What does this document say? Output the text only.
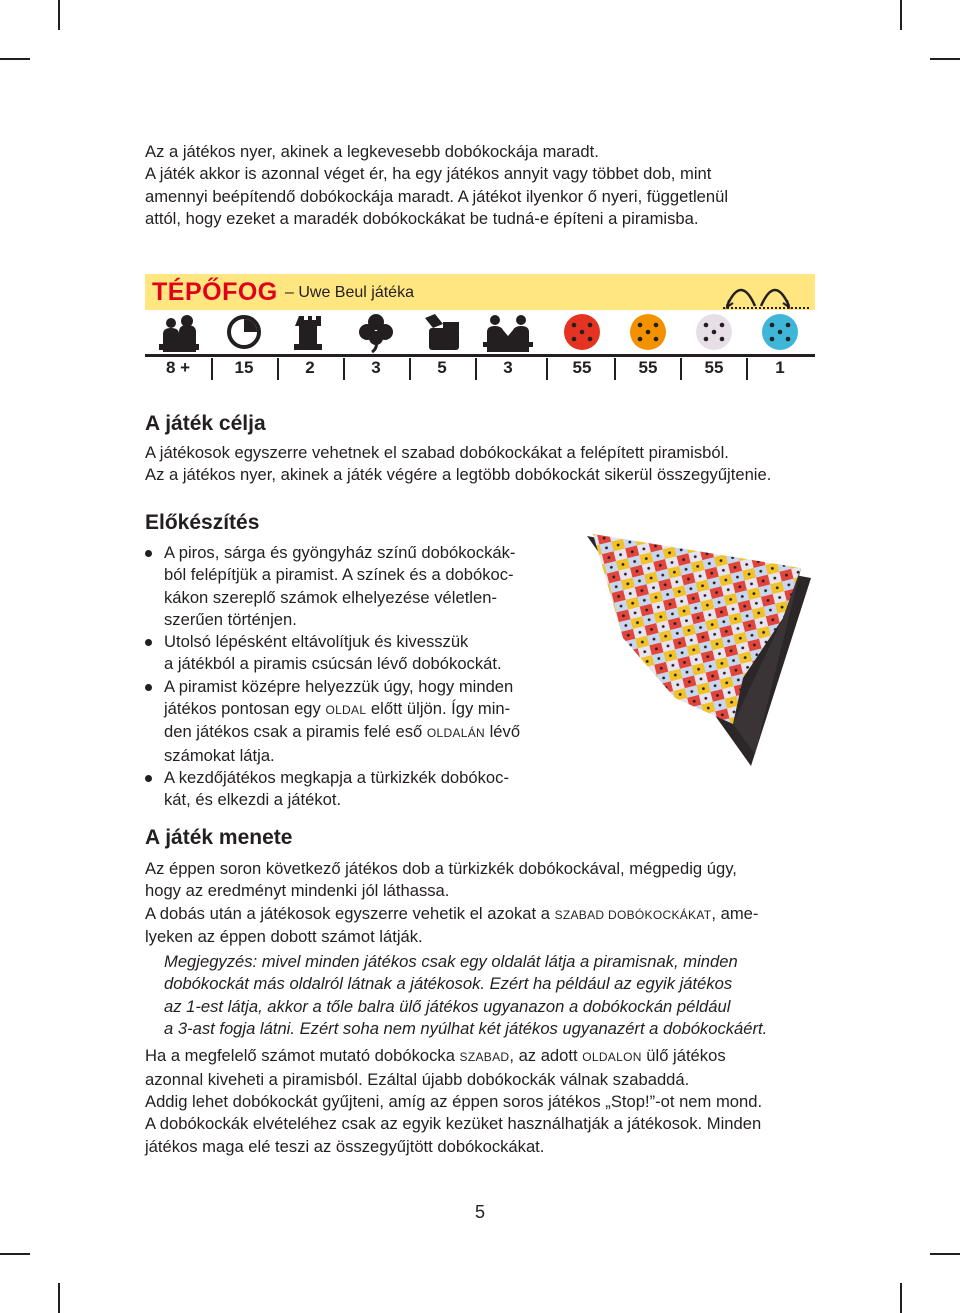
Az a játékos nyer, akinek a legkevesebb dobókockája maradt.

A játék akkor is azonnal véget ér, ha egy játékos annyit vagy többet dob, mint

amennyi beépítendő dobókockája maradt. A játékot ilyenkor ő nyeri, függetlenül

attól, hogy ezeket a maradék dobókockákat be tudná-e építeni a piramisba.

TÉPŐFOG – Uwe Beul játéka
8 +	15	2	3	5	3	55	55	55	1
A játék célja

A játékosok egyszerre vehetnek el szabad dobókockákat a felépített piramisból.

Az a játékos nyer, akinek a játék végére a legtöbb dobókockát sikerül összegyűjtenie.

Előkészítés
A piros, sárga és gyöngyház színű dobókockák-
ból felépítjük a piramist. A színek és a dobókoc-
kákon szereplő számok elhelyezése véletlen-
szerűen történjen.
Utolsó lépésként eltávolítjuk és kivesszük
a játékból a piramis csúcsán lévő dobókockát.
A piramist középre helyezzük úgy, hogy minden
játékos pontosan egy OLDAL előtt üljön. Így min-
den játékos csak a piramis felé eső OLDALÁN lévő
számokat látja.
A kezdőjátékos megkapja a türkizkék dobókoc-
kát, és elkezdi a játékot.
A játék menete

Az éppen soron következő játékos dob a türkizkék dobókockával, mégpedig úgy,

hogy az eredményt mindenki jól láthassa.

A dobás után a játékosok egyszerre vehetik el azokat a SZABAD DOBÓKOCKÁKAT, ame-

lyeken az éppen dobott számot látják.

Megjegyzés: mivel minden játékos csak egy oldalát látja a piramisnak, minden

dobókockát más oldalról látnak a játékosok. Ezért ha például az egyik játékos

az 1-est látja, akkor a tőle balra ülő játékos ugyanazon a dobókockán például

a 3-ast fogja látni. Ezért soha nem nyúlhat két játékos ugyanazért a dobókockáért.

Ha a megfelelő számot mutató dobókocka SZABAD, az adott OLDALON ülő játékos

azonnal kiveheti a piramisból. Ezáltal újabb dobókockák válnak szabaddá.

Addig lehet dobókockát gyűjteni, amíg az éppen soros játékos „Stop!”-ot nem mond.

A dobókockák elvételéhez csak az egyik kezüket használhatják a játékosok. Minden

játékos maga elé teszi az összegyűjtött dobókockákat.

5
